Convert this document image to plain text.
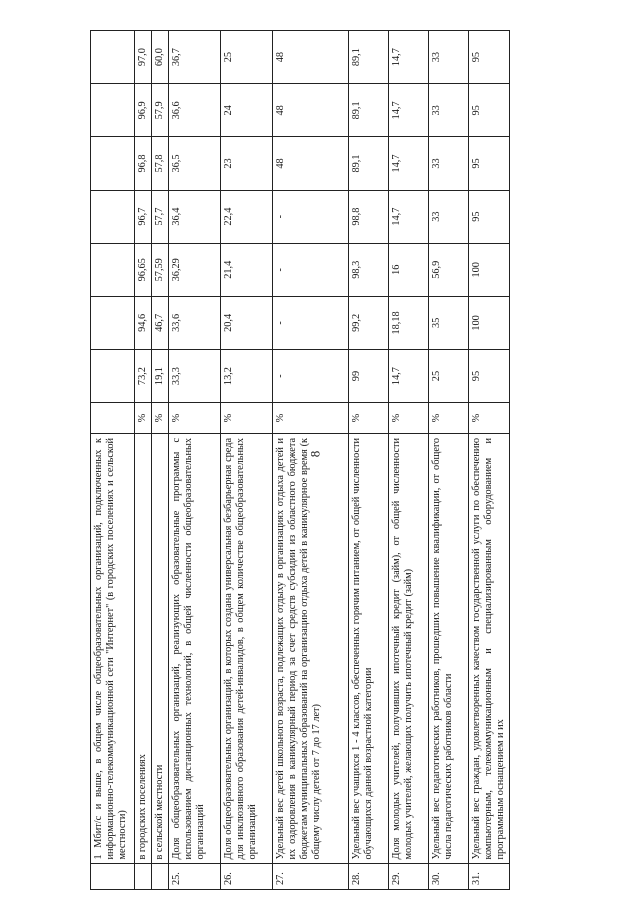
8
	1 Мбит/с и выше, в общем числе общеобразовательных организаций, подключенных к информационно-телекоммуникационной сети "Интернет" (в городских поселениях и сельской местности)								
	в городских поселениях	%	73,2	94,6	96,65	96,7	96,8	96,9	97,0
	в сельской местности	%	19,1	46,7	57,59	57,7	57,8	57,9	60,0
25.	Доля общеобразовательных организаций, реализующих образовательные программы с использованием дистанционных технологий, в общей численности общеобразовательных организаций	%	33,3	33,6	36,29	36,4	36,5	36,6	36,7
26.	Доля общеобразовательных организаций, в которых создана универсальная безбарьерная среда для инклюзивного образования детей-инвалидов, в общем количестве общеобразовательных организаций	%	13,2	20,4	21,4	22,4	23	24	25
27.	Удельный вес детей школьного возраста, подлежащих отдыху в организациях отдыха детей и их оздоровления в каникулярный период за счет средств субсидии из областного бюджета бюджетам муниципальных образований на организацию отдыха детей в каникулярное время (к общему числу детей от 7 до 17 лет)	%	-	-	-	-	48	48	48
28.	Удельный вес учащихся 1 - 4 классов, обеспеченных горячим питанием, от общей численности обучающихся данной возрастной категории	%	99	99,2	98,3	98,8	89,1	89,1	89,1
29.	Доля молодых учителей, получивших ипотечный кредит (займ), от общей численности молодых учителей, желающих получить ипотечный кредит (займ)	%	14,7	18,18	16	14,7	14,7	14,7	14,7
30.	Удельный вес педагогических работников, прошедших повышение квалификации, от общего числа педагогических работников области	%	25	35	56,9	33	33	33	33
31.	Удельный вес граждан, удовлетворенных качеством государственной услуги по обеспечению компьютерным, телекоммуникационным и специализированным оборудованием и программным оснащением и их	%	95	100	100	95	95	95	95
